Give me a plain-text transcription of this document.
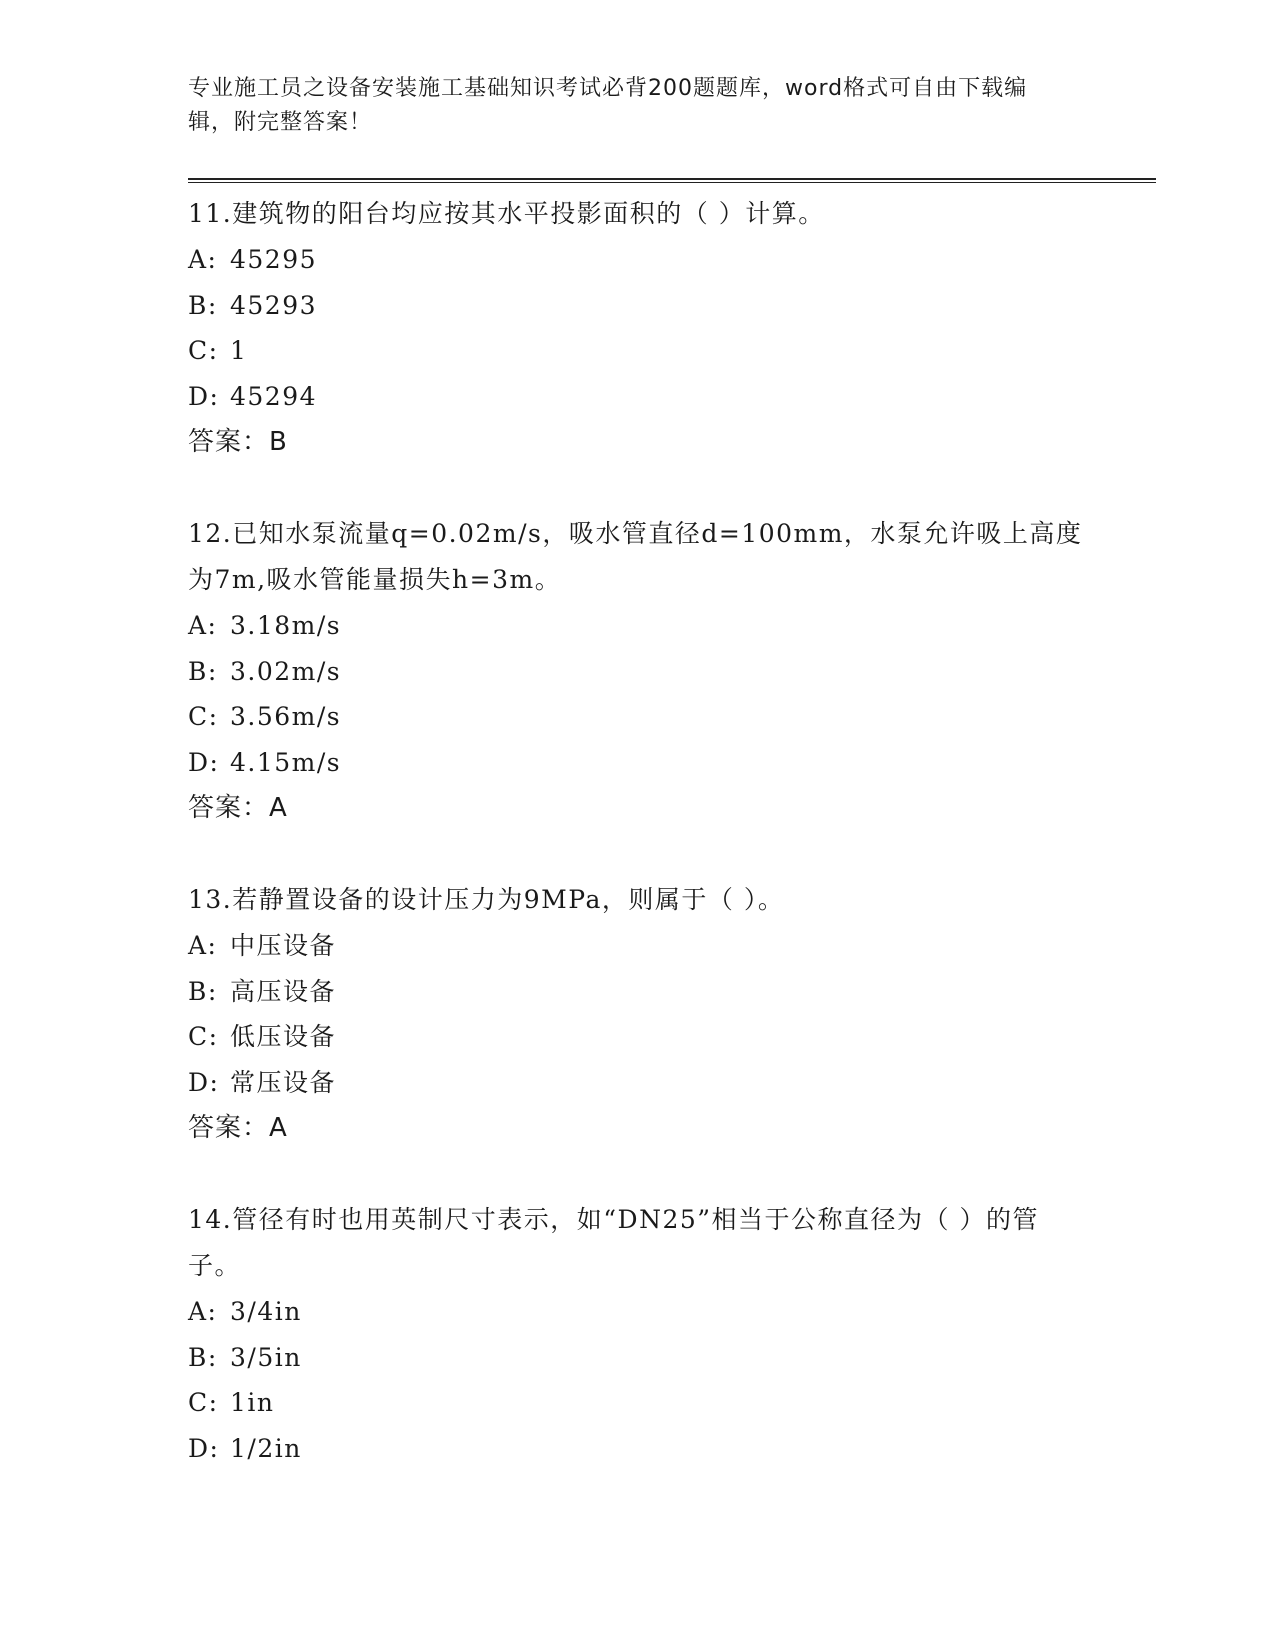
专业施工员之设备安装施工基础知识考试必背200题题库，word格式可自由下载编辑，附完整答案！
11.建筑物的阳台均应按其水平投影面积的（ ）计算。
A: 45295
B: 45293
C: 1
D: 45294
答案：B
12.已知水泵流量q=0.02m/s，吸水管直径d=100mm，水泵允许吸上高度为7m,吸水管能量损失h=3m。
A: 3.18m/s
B: 3.02m/s
C: 3.56m/s
D: 4.15m/s
答案：A
13.若静置设备的设计压力为9MPa，则属于（ ）。
A: 中压设备
B: 高压设备
C: 低压设备
D: 常压设备
答案：A
14.管径有时也用英制尺寸表示，如“DN25”相当于公称直径为（ ）的管子。
A: 3/4in
B: 3/5in
C: 1in
D: 1/2in
